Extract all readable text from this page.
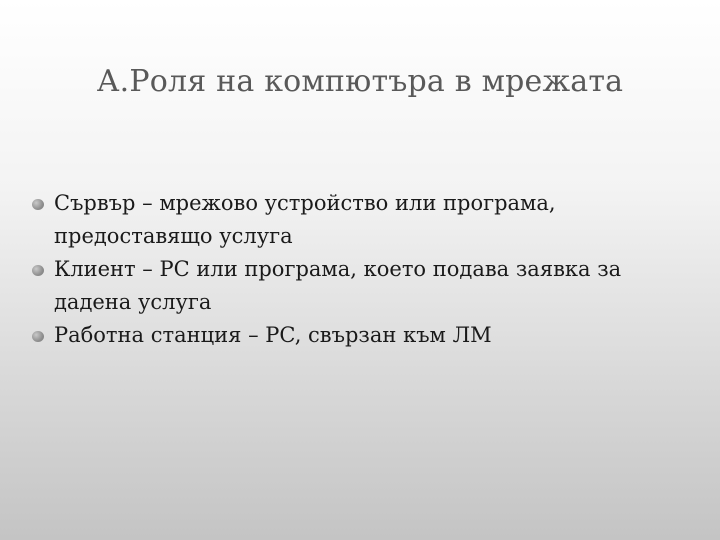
А.Роля на компютъра в мрежата
Сървър – мрежово устройство или програма, предоставящо услуга
Клиент – PC или програма, което подава заявка за дадена услуга
Работна станция – PC, свързан към ЛМ
